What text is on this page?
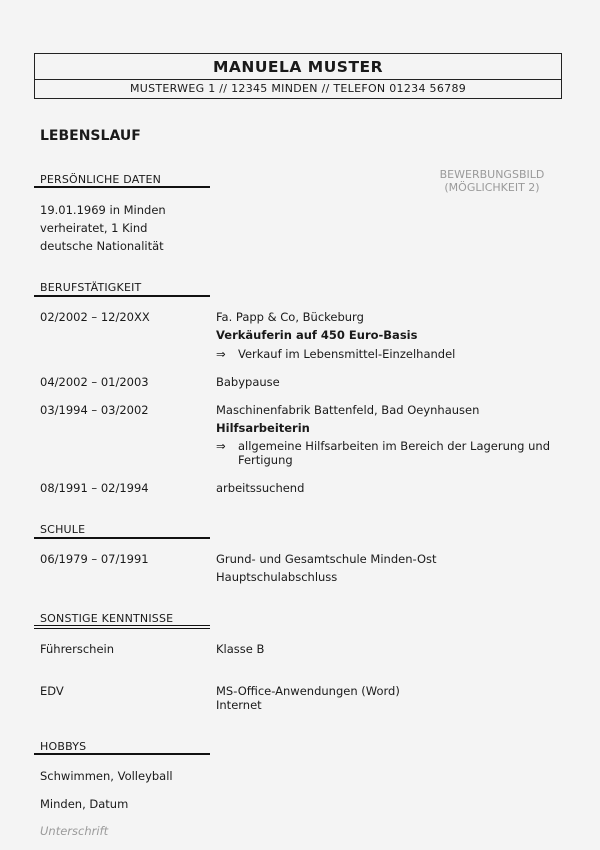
MANUELA MUSTER
MUSTERWEG 1 // 12345 MINDEN // TELEFON 01234 56789
LEBENSLAUF
BEWERBUNGSBILD
(MÖGLICHKEIT 2)
PERSÖNLICHE DATEN
19.01.1969 in Minden
verheiratet, 1 Kind
deutsche Nationalität
BERUFSTÄTIGKEIT
02/2002 – 12/20XX	Fa. Papp & Co, Bückeburg
Verkäuferin auf 450 Euro-Basis
⇒ Verkauf im Lebensmittel-Einzelhandel
04/2002 – 01/2003	Babypause
03/1994 – 03/2002	Maschinenfabrik Battenfeld, Bad Oeynhausen
Hilfsarbeiterin
⇒ allgemeine Hilfsarbeiten im Bereich der Lagerung und
Fertigung
08/1991 – 02/1994	arbeitssuchend
SCHULE
06/1979 – 07/1991	Grund- und Gesamtschule Minden-Ost
Hauptschulabschluss
SONSTIGE KENNTNISSE
Führerschein	Klasse B
EDV	MS-Office-Anwendungen (Word)
Internet
HOBBYS
Schwimmen, Volleyball
Minden, Datum
Unterschrift
